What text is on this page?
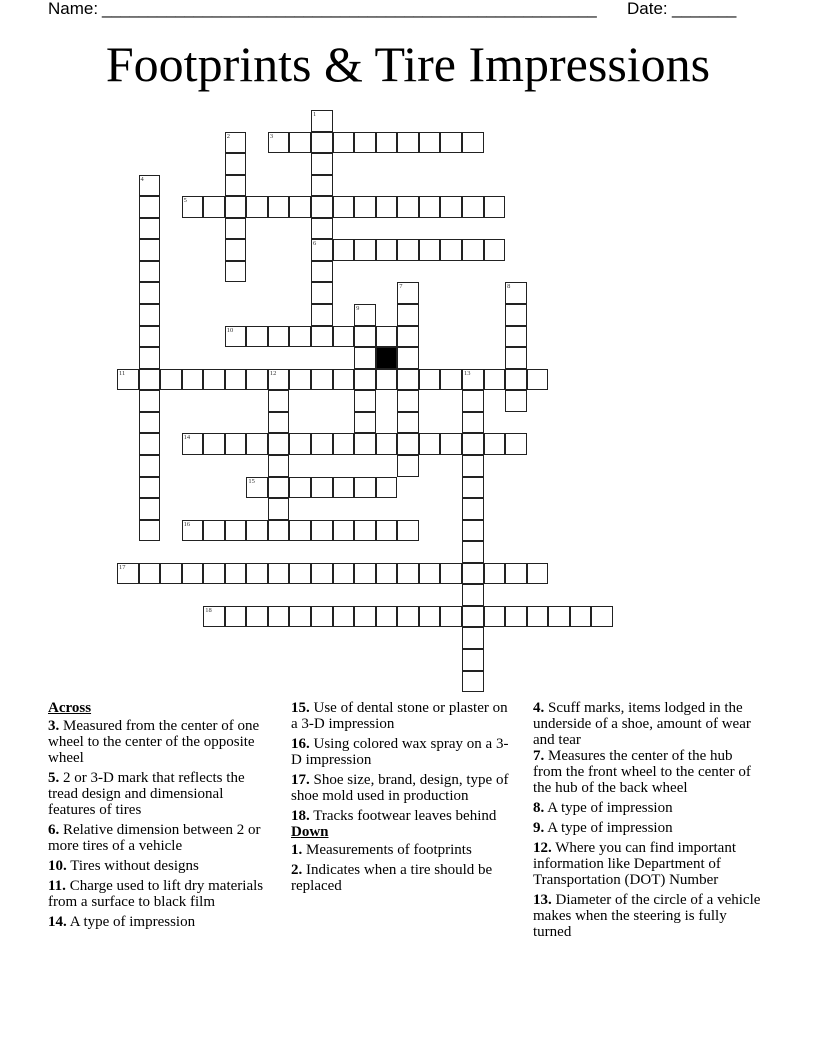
Name: ______________________________________________________ Date: _______
Footprints & Tire Impressions
1
6
2	3
4
5
7	8
9
10
11	12	13
14
15
16
17
18
Across
3. Measured from the center of one wheel to the center of the opposite wheel
5. 2 or 3-D mark that reflects the tread design and dimensional features of tires
6. Relative dimension between 2 or more tires of a vehicle
10. Tires without designs
11. Charge used to lift dry materials from a surface to black film
14. A type of impression
15. Use of dental stone or plaster on a 3-D impression
16. Using colored wax spray on a 3-D impression
17. Shoe size, brand, design, type of shoe mold used in production
18. Tracks footwear leaves behind
Down
1. Measurements of footprints
2. Indicates when a tire should be replaced
4. Scuff marks, items lodged in the underside of a shoe, amount of wear and tear
7. Measures the center of the hub from the front wheel to the center of the hub of the back wheel
8. A type of impression
9. A type of impression
12. Where you can find important information like Department of Transportation (DOT) Number
13. Diameter of the circle of a vehicle makes when the steering is fully turned
